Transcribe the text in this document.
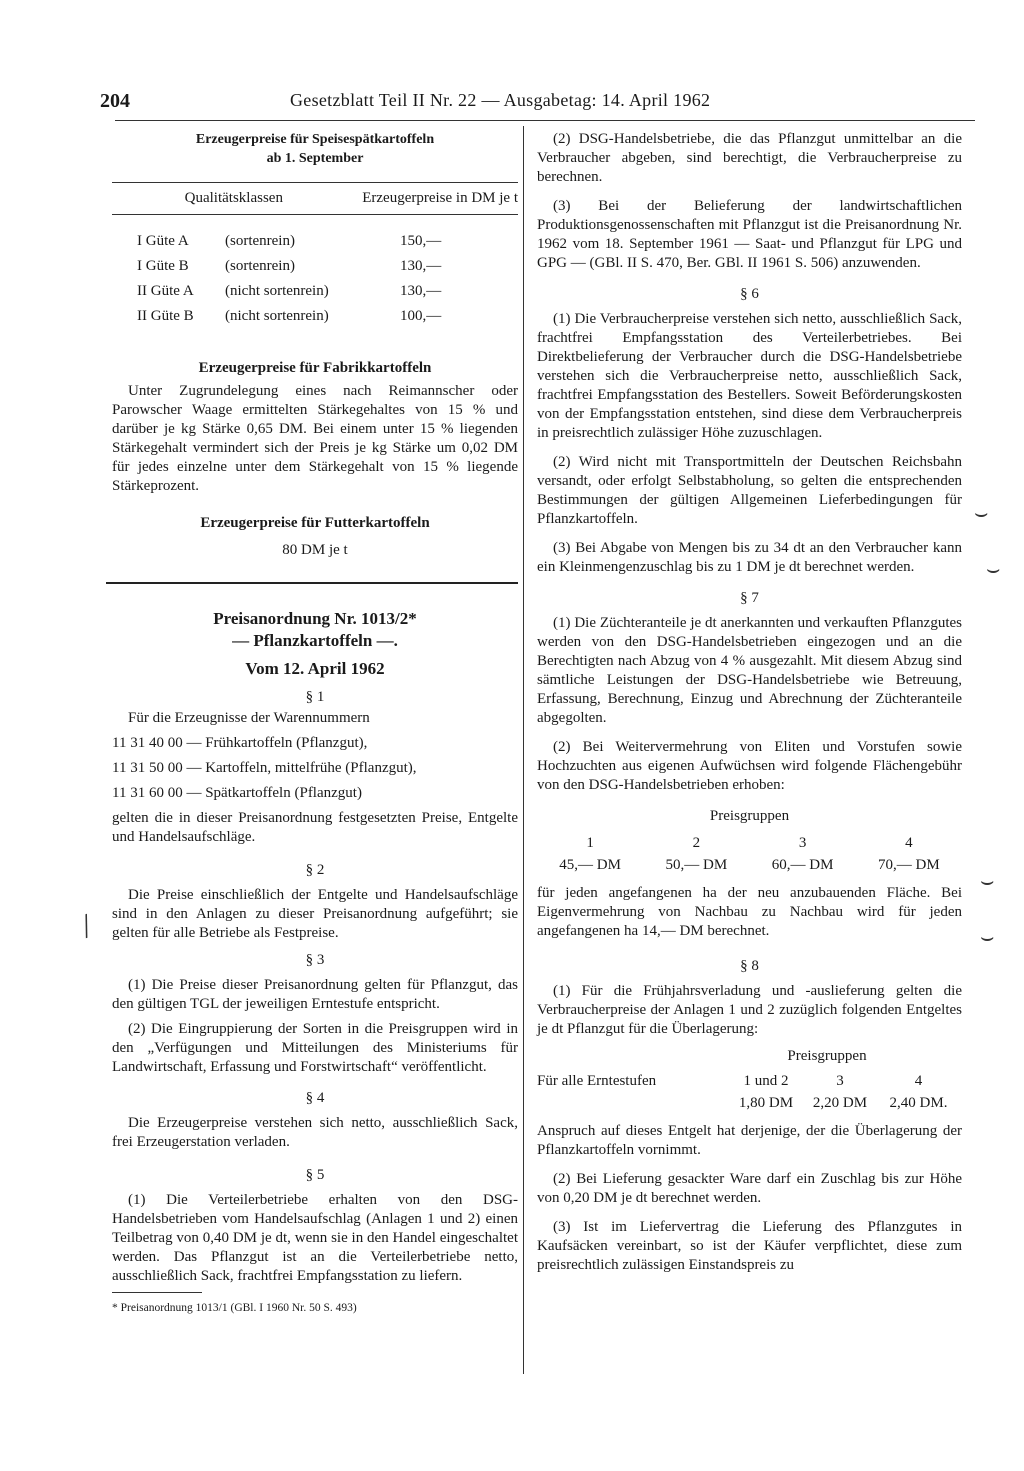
204	Gesetzblatt Teil II Nr. 22 — Ausgabetag: 14. April 1962
Erzeugerpreise für Speisespätkartoffeln
ab 1. September
Qualitätsklassen	Erzeugerpreise in DM je t
	I Güte A	(sortenrein)	150,—
	I Güte B	(sortenrein)	130,—
	II Güte A	(nicht sortenrein)	130,—
	II Güte B	(nicht sortenrein)	100,—
Erzeugerpreise für Fabrikkartoffeln

Unter Zugrundelegung eines nach Reimannscher oder Parowscher Waage ermittelten Stärkegehaltes von 15 % und darüber je kg Stärke 0,65 DM. Bei einem unter 15 % liegenden Stärkegehalt vermindert sich der Preis je kg Stärke um 0,02 DM für jedes einzelne unter dem Stärkegehalt von 15 % liegende Stärkeprozent.

Erzeugerpreise für Futterkartoffeln
80 DM je t
Preisanordnung Nr. 1013/2*
— Pflanzkartoffeln —.
Vom 12. April 1962
§ 1

Für die Erzeugnisse der Warennummern

11 31 40 00 — Frühkartoffeln (Pflanzgut),

11 31 50 00 — Kartoffeln, mittelfrühe (Pflanzgut),

11 31 60 00 — Spätkartoffeln (Pflanzgut)

gelten die in dieser Preisanordnung festgesetzten Preise, Entgelte und Handelsaufschläge.

§ 2

Die Preise einschließlich der Entgelte und Handelsaufschläge sind in den Anlagen zu dieser Preisanordnung aufgeführt; sie gelten für alle Betriebe als Festpreise.

§ 3

(1) Die Preise dieser Preisanordnung gelten für Pflanzgut, das den gültigen TGL der jeweiligen Erntestufe entspricht.

(2) Die Eingruppierung der Sorten in die Preisgruppen wird in den „Verfügungen und Mitteilungen des Ministeriums für Landwirtschaft, Erfassung und Forstwirtschaft“ veröffentlicht.

§ 4

Die Erzeugerpreise verstehen sich netto, ausschließlich Sack, frei Erzeugerstation verladen.

§ 5

(1) Die Verteilerbetriebe erhalten von den DSG-Handelsbetrieben vom Handelsaufschlag (Anlagen 1 und 2) einen Teilbetrag von 0,40 DM je dt, wenn sie in den Handel eingeschaltet werden. Das Pflanzgut ist an die Verteilerbetriebe netto, ausschließlich Sack, frachtfrei Empfangsstation zu liefern.

* Preisanordnung 1013/1 (GBl. I 1960 Nr. 50 S. 493)

(2) DSG-Handelsbetriebe, die das Pflanzgut unmittelbar an die Verbraucher abgeben, sind berechtigt, die Verbraucherpreise zu berechnen.

(3) Bei der Belieferung der landwirtschaftlichen Produktionsgenossenschaften mit Pflanzgut ist die Preisanordnung Nr. 1962 vom 18. September 1961 — Saat- und Pflanzgut für LPG und GPG — (GBl. II S. 470, Ber. GBl. II 1961 S. 506) anzuwenden.

§ 6

(1) Die Verbraucherpreise verstehen sich netto, ausschließlich Sack, frachtfrei Empfangsstation des Verteilerbetriebes. Bei Direktbelieferung der Verbraucher durch die DSG-Handelsbetriebe verstehen sich die Verbraucherpreise netto, ausschließlich Sack, frachtfrei Empfangsstation des Bestellers. Soweit Beförderungskosten von der Empfangsstation entstehen, sind diese dem Verbraucherpreis in preisrechtlich zulässiger Höhe zuzuschlagen.

(2) Wird nicht mit Transportmitteln der Deutschen Reichsbahn versandt, oder erfolgt Selbstabholung, so gelten die entsprechenden Bestimmungen der gültigen Allgemeinen Lieferbedingungen für Pflanzkartoffeln.

(3) Bei Abgabe von Mengen bis zu 34 dt an den Verbraucher kann ein Kleinmengenzuschlag bis zu 1 DM je dt berechnet werden.

§ 7

(1) Die Züchteranteile je dt anerkannten und verkauften Pflanzgutes werden von den DSG-Handelsbetrieben eingezogen und an die Berechtigten nach Abzug von 4 % ausgezahlt. Mit diesem Abzug sind sämtliche Leistungen der DSG-Handelsbetriebe wie Betreuung, Erfassung, Berechnung, Einzug und Abrechnung der Züchteranteile abgegolten.

(2) Bei Weitervermehrung von Eliten und Vorstufen sowie Hochzuchten aus eigenen Aufwüchsen wird folgende Flächengebühr von den DSG-Handelsbetrieben erhoben:

Preisgruppen
1	2	3	4
45,— DM	50,— DM	60,— DM	70,— DM

für jeden angefangenen ha der neu anzubauenden Fläche. Bei Eigenvermehrung von Nachbau zu Nachbau wird für jeden angefangenen ha 14,— DM berechnet.

§ 8

(1) Für die Frühjahrsverladung und -auslieferung gelten die Verbraucherpreise der Anlagen 1 und 2 zuzüglich folgenden Entgeltes je dt Pflanzgut für die Überlagerung:

Preisgruppen
Für alle Erntestufen	1 und 2	3	4
	1,80 DM	2,20 DM	2,40 DM.

Anspruch auf dieses Entgelt hat derjenige, der die Überlagerung der Pflanzkartoffeln vornimmt.

(2) Bei Lieferung gesackter Ware darf ein Zuschlag bis zur Höhe von 0,20 DM je dt berechnet werden.

(3) Ist im Liefervertrag die Lieferung des Pflanzgutes in Kaufsäcken vereinbart, so ist der Käufer verpflichtet, diese zum preisrechtlich zulässigen Einstandspreis zu

/
⌣
⌣
⌣
⌣
